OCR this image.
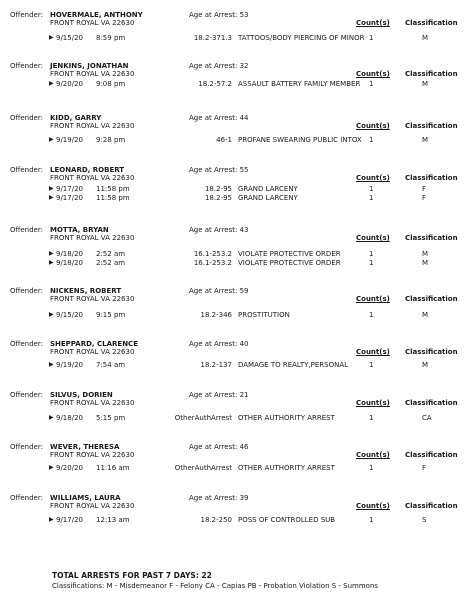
Offender: HOVERMALE, ANTHONY	Age at Arrest: 53
FRONT ROYAL VA 22630	Count(s) Classification
▶ 9/15/20 8:59 pm	18.2-371.3 TATTOOS/BODY PIERCING OF MINOR 1	M
Offender: JENKINS, JONATHAN	Age at Arrest: 32
FRONT ROYAL VA 22630	Count(s) Classification
▶ 9/20/20 9:08 pm	18.2-57.2 ASSAULT BATTERY FAMILY MEMBER 1	M
Offender: KIDD, GARRY	Age at Arrest: 44
FRONT ROYAL VA 22630	Count(s) Classification
▶ 9/19/20 9:28 pm	46-1 PROFANE SWEARING PUBLIC INTOX 1	M
Offender: LEONARD, ROBERT	Age at Arrest: 55
FRONT ROYAL VA 22630	Count(s) Classification
▶ 9/17/20 11:58 pm	18.2-95 GRAND LARCENY	1	F
▶ 9/17/20 11:58 pm	18.2-95 GRAND LARCENY	1	F
Offender: MOTTA, BRYAN	Age at Arrest: 43
FRONT ROYAL VA 22630	Count(s) Classification
▶ 9/18/20 2:52 am	16.1-253.2 VIOLATE PROTECTIVE ORDER	1	M
▶ 9/18/20 2:52 am	16.1-253.2 VIOLATE PROTECTIVE ORDER	1	M
Offender: NICKENS, ROBERT	Age at Arrest: 59
FRONT ROYAL VA 22630	Count(s) Classification
▶ 9/15/20 9:15 pm	18.2-346 PROSTITUTION	1	M
Offender: SHEPPARD, CLARENCE	Age at Arrest: 40
FRONT ROYAL VA 22630	Count(s) Classification
▶ 9/19/20 7:54 am	18.2-137 DAMAGE TO REALTY,PERSONAL	1	M
Offender: SILVUS, DORIEN	Age at Arrest: 21
FRONT ROYAL VA 22630	Count(s) Classification
▶ 9/18/20 5:15 pm	OtherAuthArrest OTHER AUTHORITY ARREST	1	CA
Offender: WEVER, THERESA	Age at Arrest: 46
FRONT ROYAL VA 22630	Count(s) Classification
▶ 9/20/20 11:16 am	OtherAuthArrest OTHER AUTHORITY ARREST	1	F
Offender: WILLIAMS, LAURA	Age at Arrest: 39
FRONT ROYAL VA 22630	Count(s) Classification
▶ 9/17/20 12:13 am	18.2-250 POSS OF CONTROLLED SUB	1	S
TOTAL ARRESTS FOR PAST 7 DAYS: 22
Classifications: M - Misdemeanor F - Felony CA - Capias PB - Probation Violation S - Summons
